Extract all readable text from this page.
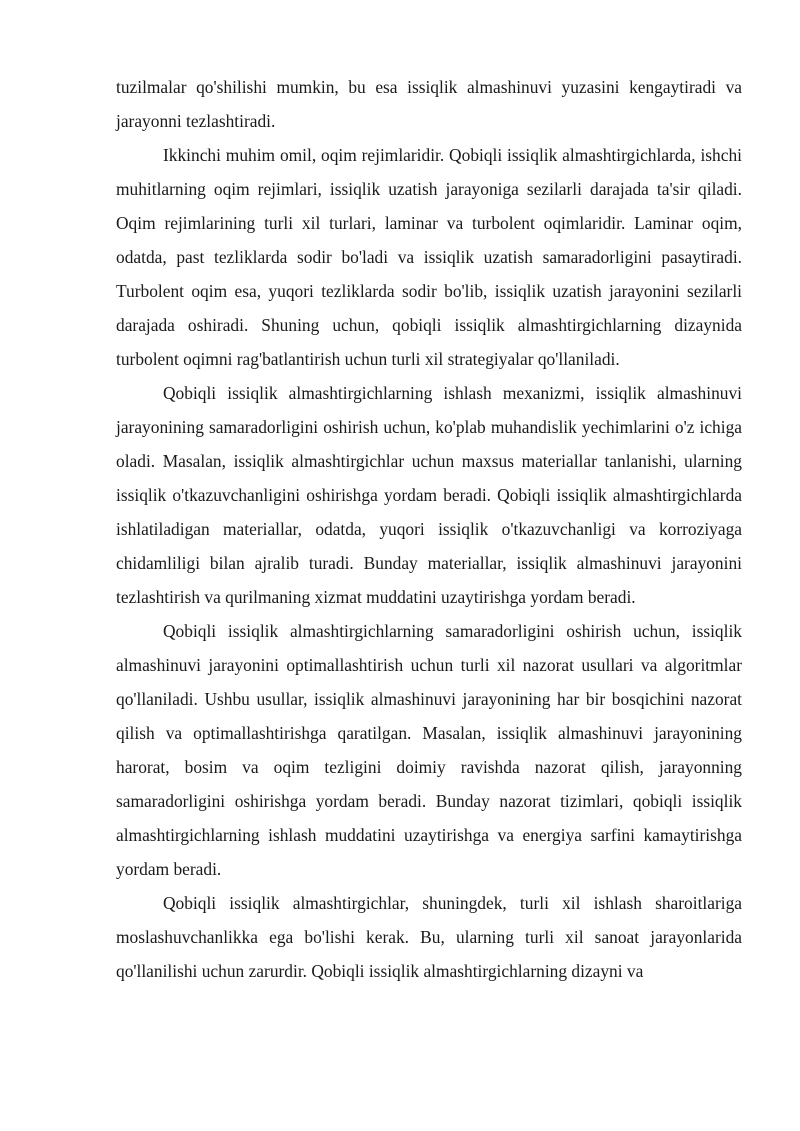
tuzilmalar qo'shilishi mumkin, bu esa issiqlik almashinuvi yuzasini kengaytiradi va jarayonni tezlashtiradi.

Ikkinchi muhim omil, oqim rejimlaridir. Qobiqli issiqlik almashtirgichlarda, ishchi muhitlarning oqim rejimlari, issiqlik uzatish jarayoniga sezilarli darajada ta'sir qiladi. Oqim rejimlarining turli xil turlari, laminar va turbolent oqimlaridir. Laminar oqim, odatda, past tezliklarda sodir bo'ladi va issiqlik uzatish samaradorligini pasaytiradi. Turbolent oqim esa, yuqori tezliklarda sodir bo'lib, issiqlik uzatish jarayonini sezilarli darajada oshiradi. Shuning uchun, qobiqli issiqlik almashtirgichlarning dizaynida turbolent oqimni rag'batlantirish uchun turli xil strategiyalar qo'llaniladi.

Qobiqli issiqlik almashtirgichlarning ishlash mexanizmi, issiqlik almashinuvi jarayonining samaradorligini oshirish uchun, ko'plab muhandislik yechimlarini o'z ichiga oladi. Masalan, issiqlik almashtirgichlar uchun maxsus materiallar tanlanishi, ularning issiqlik o'tkazuvchanligini oshirishga yordam beradi. Qobiqli issiqlik almashtirgichlarda ishlatiladigan materiallar, odatda, yuqori issiqlik o'tkazuvchanligi va korroziyaga chidamliligi bilan ajralib turadi. Bunday materiallar, issiqlik almashinuvi jarayonini tezlashtirish va qurilmaning xizmat muddatini uzaytirishga yordam beradi.

Qobiqli issiqlik almashtirgichlarning samaradorligini oshirish uchun, issiqlik almashinuvi jarayonini optimallashtirish uchun turli xil nazorat usullari va algoritmlar qo'llaniladi. Ushbu usullar, issiqlik almashinuvi jarayonining har bir bosqichini nazorat qilish va optimallashtirishga qaratilgan. Masalan, issiqlik almashinuvi jarayonining harorat, bosim va oqim tezligini doimiy ravishda nazorat qilish, jarayonning samaradorligini oshirishga yordam beradi. Bunday nazorat tizimlari, qobiqli issiqlik almashtirgichlarning ishlash muddatini uzaytirishga va energiya sarfini kamaytirishga yordam beradi.

Qobiqli issiqlik almashtirgichlar, shuningdek, turli xil ishlash sharoitlariga moslashuvchanlikka ega bo'lishi kerak. Bu, ularning turli xil sanoat jarayonlarida qo'llanilishi uchun zarurdir. Qobiqli issiqlik almashtirgichlarning dizayni va
